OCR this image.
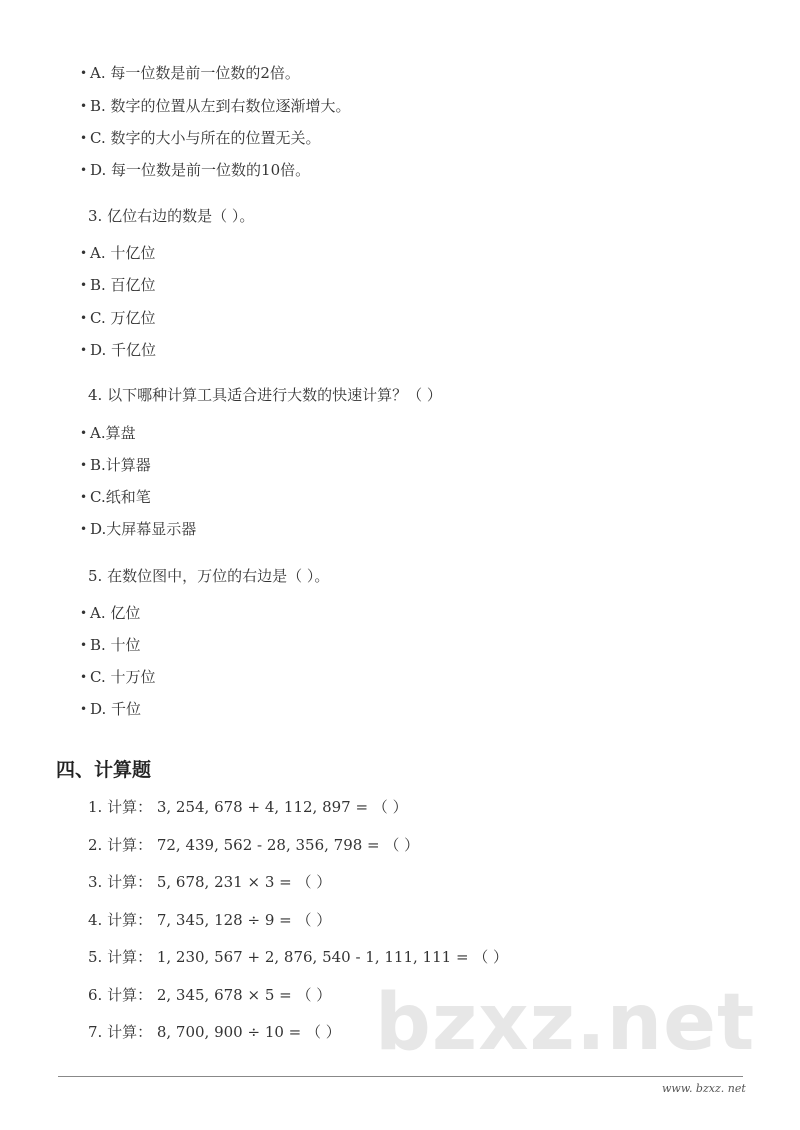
• A. 每一位数是前一位数的2倍。
• B. 数字的位置从左到右数位逐渐增大。
• C. 数字的大小与所在的位置无关。
• D. 每一位数是前一位数的10倍。
3. 亿位右边的数是（ ）。
• A. 十亿位
• B. 百亿位
• C. 万亿位
• D. 千亿位
4. 以下哪种计算工具适合进行大数的快速计算？（ ）
• A.算盘
• B.计算器
• C.纸和笔
• D.大屏幕显示器
5. 在数位图中，万位的右边是（ ）。
• A. 亿位
• B. 十位
• C. 十万位
• D. 千位
四、计算题
1. 计算： 3, 254, 678 + 4, 112, 897 = （ ）
2. 计算： 72, 439, 562 - 28, 356, 798 = （ ）
3. 计算： 5, 678, 231 × 3 = （ ）
4. 计算： 7, 345, 128 ÷ 9 = （ ）
5. 计算： 1, 230, 567 + 2, 876, 540 - 1, 111, 111 = （ ）
6. 计算： 2, 345, 678 × 5 = （ ）
7. 计算： 8, 700, 900 ÷ 10 = （ ） bzxz.net
www. bzxz. net
